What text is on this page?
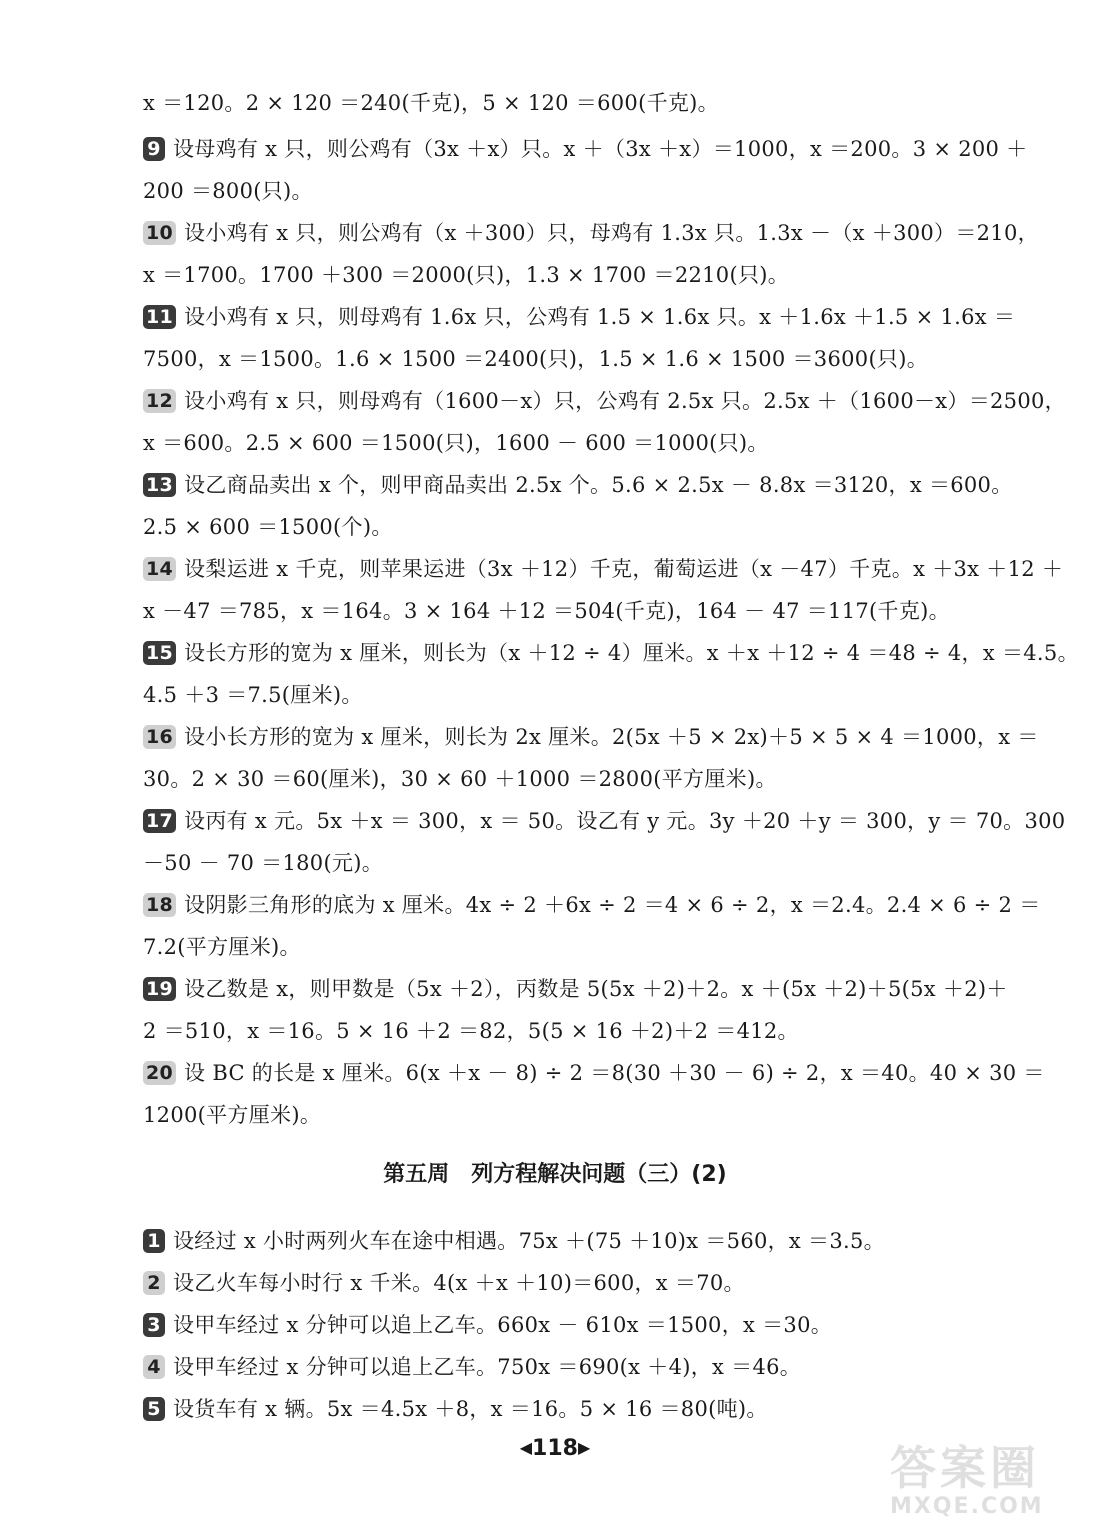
x ＝120。2 × 120 ＝240(千克)，5 × 120 ＝600(千克)。
9 设母鸡有 x 只，则公鸡有（3x ＋x）只。x ＋（3x ＋x）＝1000，x ＝200。3 × 200 ＋
200 ＝800(只)。
10 设小鸡有 x 只，则公鸡有（x ＋300）只，母鸡有 1.3x 只。1.3x －（x ＋300）＝210，
x ＝1700。1700 ＋300 ＝2000(只)，1.3 × 1700 ＝2210(只)。
11 设小鸡有 x 只，则母鸡有 1.6x 只，公鸡有 1.5 × 1.6x 只。x ＋1.6x ＋1.5 × 1.6x ＝
7500，x ＝1500。1.6 × 1500 ＝2400(只)，1.5 × 1.6 × 1500 ＝3600(只)。
12 设小鸡有 x 只，则母鸡有（1600－x）只，公鸡有 2.5x 只。2.5x ＋（1600－x）＝2500，
x ＝600。2.5 × 600 ＝1500(只)，1600 － 600 ＝1000(只)。
13 设乙商品卖出 x 个，则甲商品卖出 2.5x 个。5.6 × 2.5x － 8.8x ＝3120，x ＝600。
2.5 × 600 ＝1500(个)。
14 设梨运进 x 千克，则苹果运进（3x ＋12）千克，葡萄运进（x －47）千克。x ＋3x ＋12 ＋
x －47 ＝785，x ＝164。3 × 164 ＋12 ＝504(千克)，164 － 47 ＝117(千克)。
15 设长方形的宽为 x 厘米，则长为（x ＋12 ÷ 4）厘米。x ＋x ＋12 ÷ 4 ＝48 ÷ 4，x ＝4.5。
4.5 ＋3 ＝7.5(厘米)。
16 设小长方形的宽为 x 厘米，则长为 2x 厘米。2(5x ＋5 × 2x)＋5 × 5 × 4 ＝1000，x ＝
30。2 × 30 ＝60(厘米)，30 × 60 ＋1000 ＝2800(平方厘米)。
17 设丙有 x 元。5x ＋x ＝ 300，x ＝ 50。设乙有 y 元。3y ＋20 ＋y ＝ 300，y ＝ 70。300
－50 － 70 ＝180(元)。
18 设阴影三角形的底为 x 厘米。4x ÷ 2 ＋6x ÷ 2 ＝4 × 6 ÷ 2，x ＝2.4。2.4 × 6 ÷ 2 ＝
7.2(平方厘米)。
19 设乙数是 x，则甲数是（5x ＋2），丙数是 5(5x ＋2)＋2。x ＋(5x ＋2)＋5(5x ＋2)＋
2 ＝510，x ＝16。5 × 16 ＋2 ＝82，5(5 × 16 ＋2)＋2 ＝412。
20 设 BC 的长是 x 厘米。6(x ＋x － 8) ÷ 2 ＝8(30 ＋30 － 6) ÷ 2，x ＝40。40 × 30 ＝
1200(平方厘米)。
第五周　列方程解决问题（三）(2)
1 设经过 x 小时两列火车在途中相遇。75x ＋(75 ＋10)x ＝560，x ＝3.5。
2 设乙火车每小时行 x 千米。4(x ＋x ＋10)＝600，x ＝70。
3 设甲车经过 x 分钟可以追上乙车。660x － 610x ＝1500，x ＝30。
4 设甲车经过 x 分钟可以追上乙车。750x ＝690(x ＋4)，x ＝46。
5 设货车有 x 辆。5x ＝4.5x ＋8，x ＝16。5 × 16 ＝80(吨)。
◀118▶	答案圈
MXQE.COM
